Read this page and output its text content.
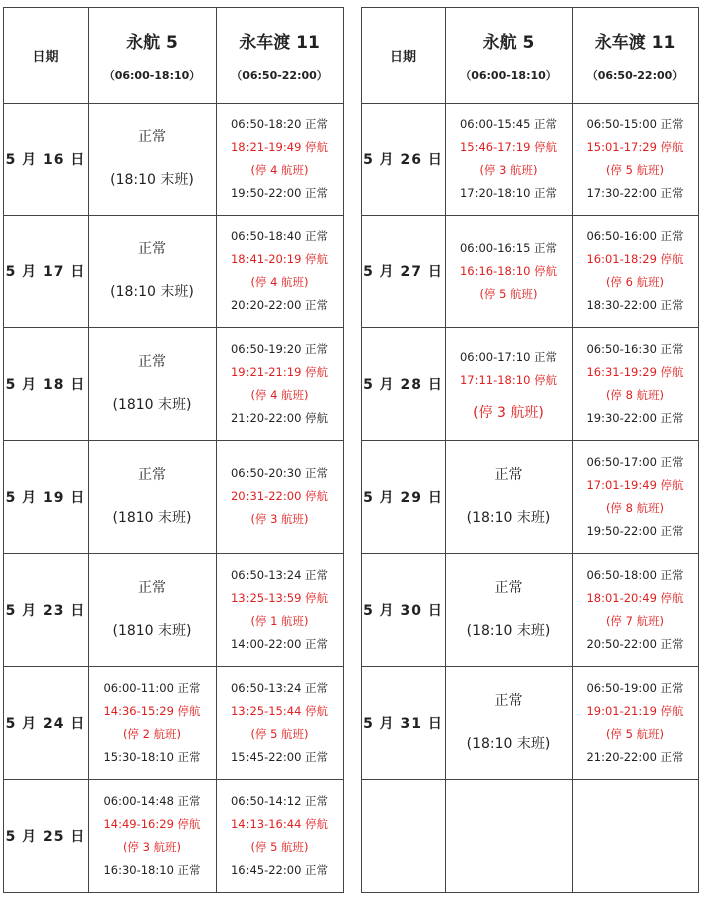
日期
永航 5
（06:00-18:10）
永车渡 11
（06:50-22:00）
日期
永航 5
（06:00-18:10）
永车渡 11
（06:50-22:00）
5 月 16 日
正常
(18:10 末班)
06:50-18:20 正常
18:21-19:49 停航
(停 4 航班)
19:50-22:00 正常
5 月 17 日
正常
(18:10 末班)
06:50-18:40 正常
18:41-20:19 停航
(停 4 航班)
20:20-22:00 正常
5 月 18 日
正常
(1810 末班)
06:50-19:20 正常
19:21-21:19 停航
(停 4 航班)
21:20-22:00 停航
5 月 19 日
正常
(1810 末班)
06:50-20:30 正常
20:31-22:00 停航
(停 3 航班)
5 月 23 日
正常
(1810 末班)
06:50-13:24 正常
13:25-13:59 停航
(停 1 航班)
14:00-22:00 正常
5 月 24 日
06:00-11:00 正常
14:36-15:29 停航
(停 2 航班)
15:30-18:10 正常
06:50-13:24 正常
13:25-15:44 停航
(停 5 航班)
15:45-22:00 正常
5 月 25 日
06:00-14:48 正常
14:49-16:29 停航
(停 3 航班)
16:30-18:10 正常
06:50-14:12 正常
14:13-16:44 停航
(停 5 航班)
16:45-22:00 正常
5 月 26 日
06:00-15:45 正常
15:46-17:19 停航
(停 3 航班)
17:20-18:10 正常
06:50-15:00 正常
15:01-17:29 停航
(停 5 航班)
17:30-22:00 正常
5 月 27 日
06:00-16:15 正常
16:16-18:10 停航
(停 5 航班)
06:50-16:00 正常
16:01-18:29 停航
(停 6 航班)
18:30-22:00 正常
5 月 28 日
06:00-17:10 正常
17:11-18:10 停航
(停 3 航班)
06:50-16:30 正常
16:31-19:29 停航
(停 8 航班)
19:30-22:00 正常
5 月 29 日
正常
(18:10 末班)
06:50-17:00 正常
17:01-19:49 停航
(停 8 航班)
19:50-22:00 正常
5 月 30 日
正常
(18:10 末班)
06:50-18:00 正常
18:01-20:49 停航
(停 7 航班)
20:50-22:00 正常
5 月 31 日
正常
(18:10 末班)
06:50-19:00 正常
19:01-21:19 停航
(停 5 航班)
21:20-22:00 正常
